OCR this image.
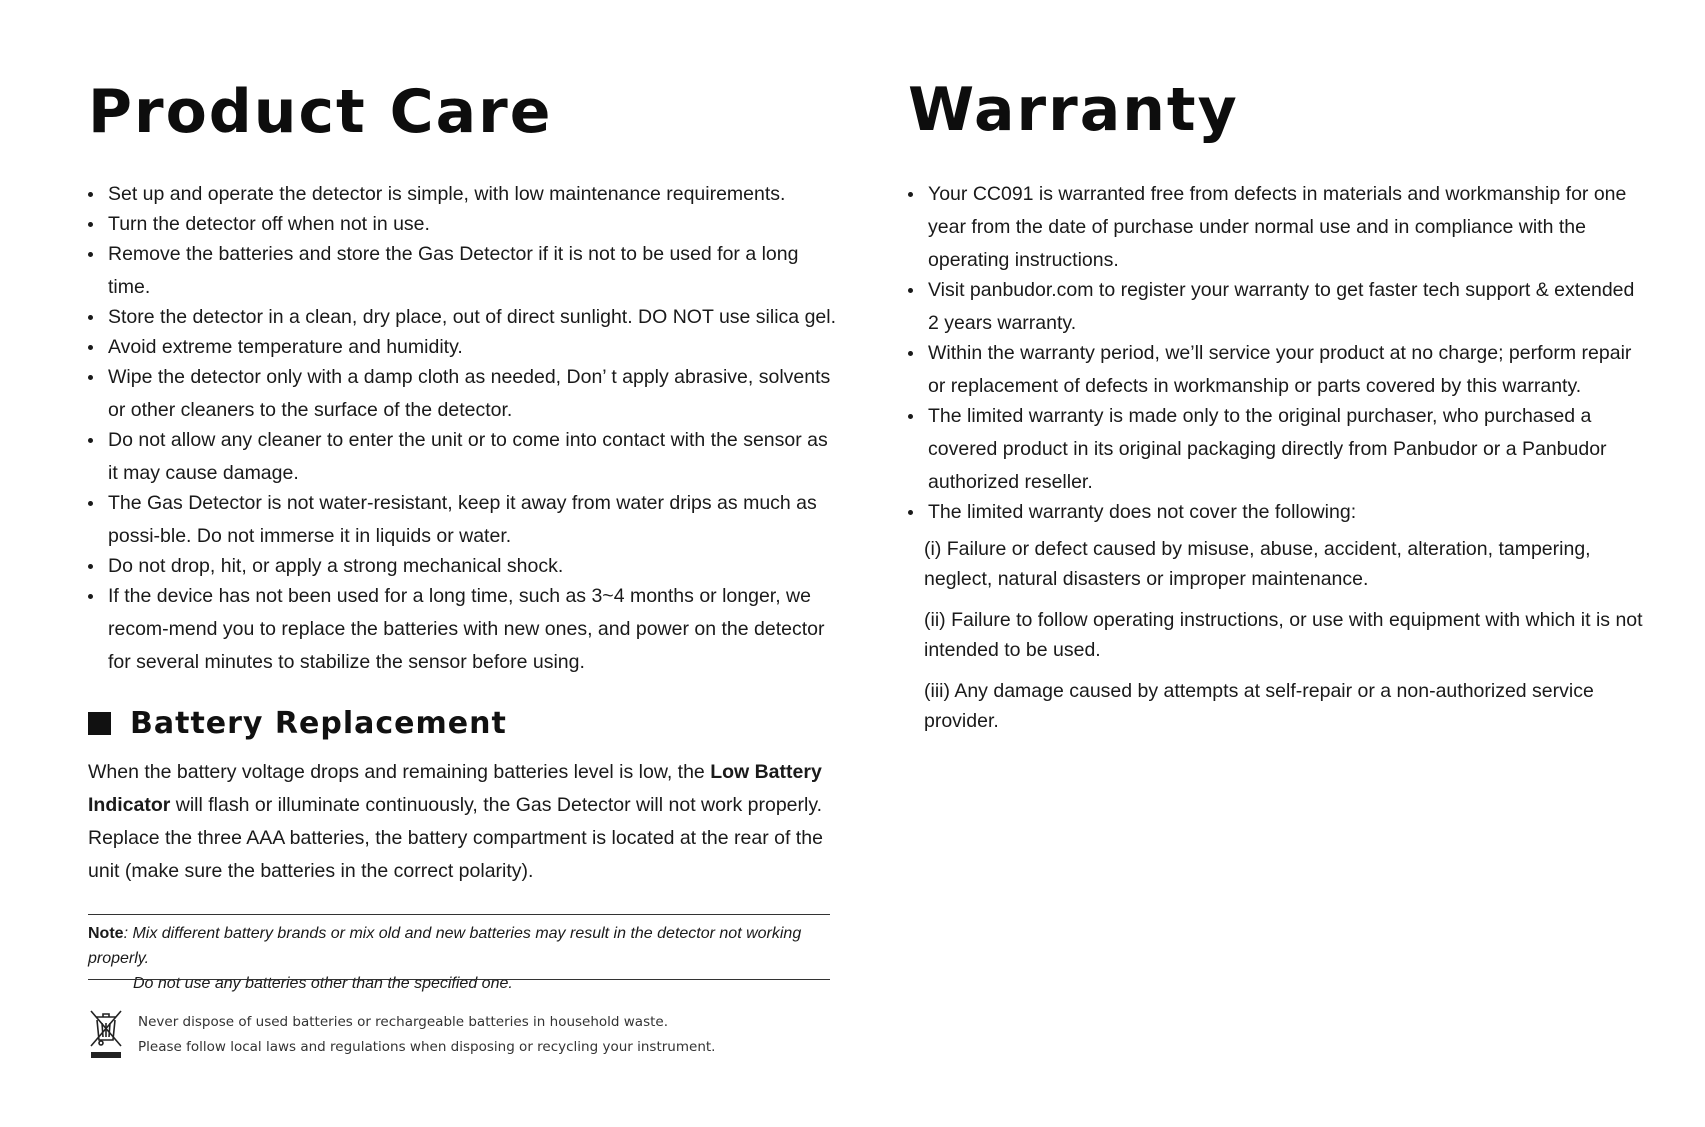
Product Care
Set up and operate the detector is simple, with low maintenance requirements.
Turn the detector off when not in use.
Remove the batteries and store the Gas Detector if it is not to be used for a long time.
Store the detector in a clean, dry place, out of direct sunlight. DO NOT use silica gel.
Avoid extreme temperature and humidity.
Wipe the detector only with a damp cloth as needed, Don’ t apply abrasive, solvents or other cleaners to the surface of the detector.
Do not allow any cleaner to enter the unit or to come into contact with the sensor as it may cause damage.
The Gas Detector is not water-resistant, keep it away from water drips as much as possi-ble. Do not immerse it in liquids or water.
Do not drop, hit, or apply a strong mechanical shock.
If the device has not been used for a long time, such as 3~4 months or longer, we recom-mend you to replace the batteries with new ones, and power on the detector for several minutes to stabilize the sensor before using.
Battery Replacement

When the battery voltage drops and remaining batteries level is low, the Low Battery Indicator will flash or illuminate continuously, the Gas Detector will not work properly. Replace the three AAA batteries, the battery compartment is located at the rear of the unit (make sure the batteries in the correct polarity).

Note: Mix different battery brands or mix old and new batteries may result in the detector not working properly.
Do not use any batteries other than the specified one.
Never dispose of used batteries or rechargeable batteries in household waste.
Please follow local laws and regulations when disposing or recycling your instrument.
Warranty
Your CC091 is warranted free from defects in materials and workmanship for one year from the date of purchase under normal use and in compliance with the operating instructions.
Visit panbudor.com to register your warranty to get faster tech support & extended 2 years warranty.
Within the warranty period, we’ll service your product at no charge; perform repair or replacement of defects in workmanship or parts covered by this warranty.
The limited warranty is made only to the original purchaser, who purchased a covered product in its original packaging directly from Panbudor or a Panbudor authorized reseller.
The limited warranty does not cover the following:

(i) Failure or defect caused by misuse, abuse, accident, alteration, tampering, neglect, natural disasters or improper maintenance.

(ii) Failure to follow operating instructions, or use with equipment with which it is not intended to be used.

(iii) Any damage caused by attempts at self-repair or a non-authorized service provider.
